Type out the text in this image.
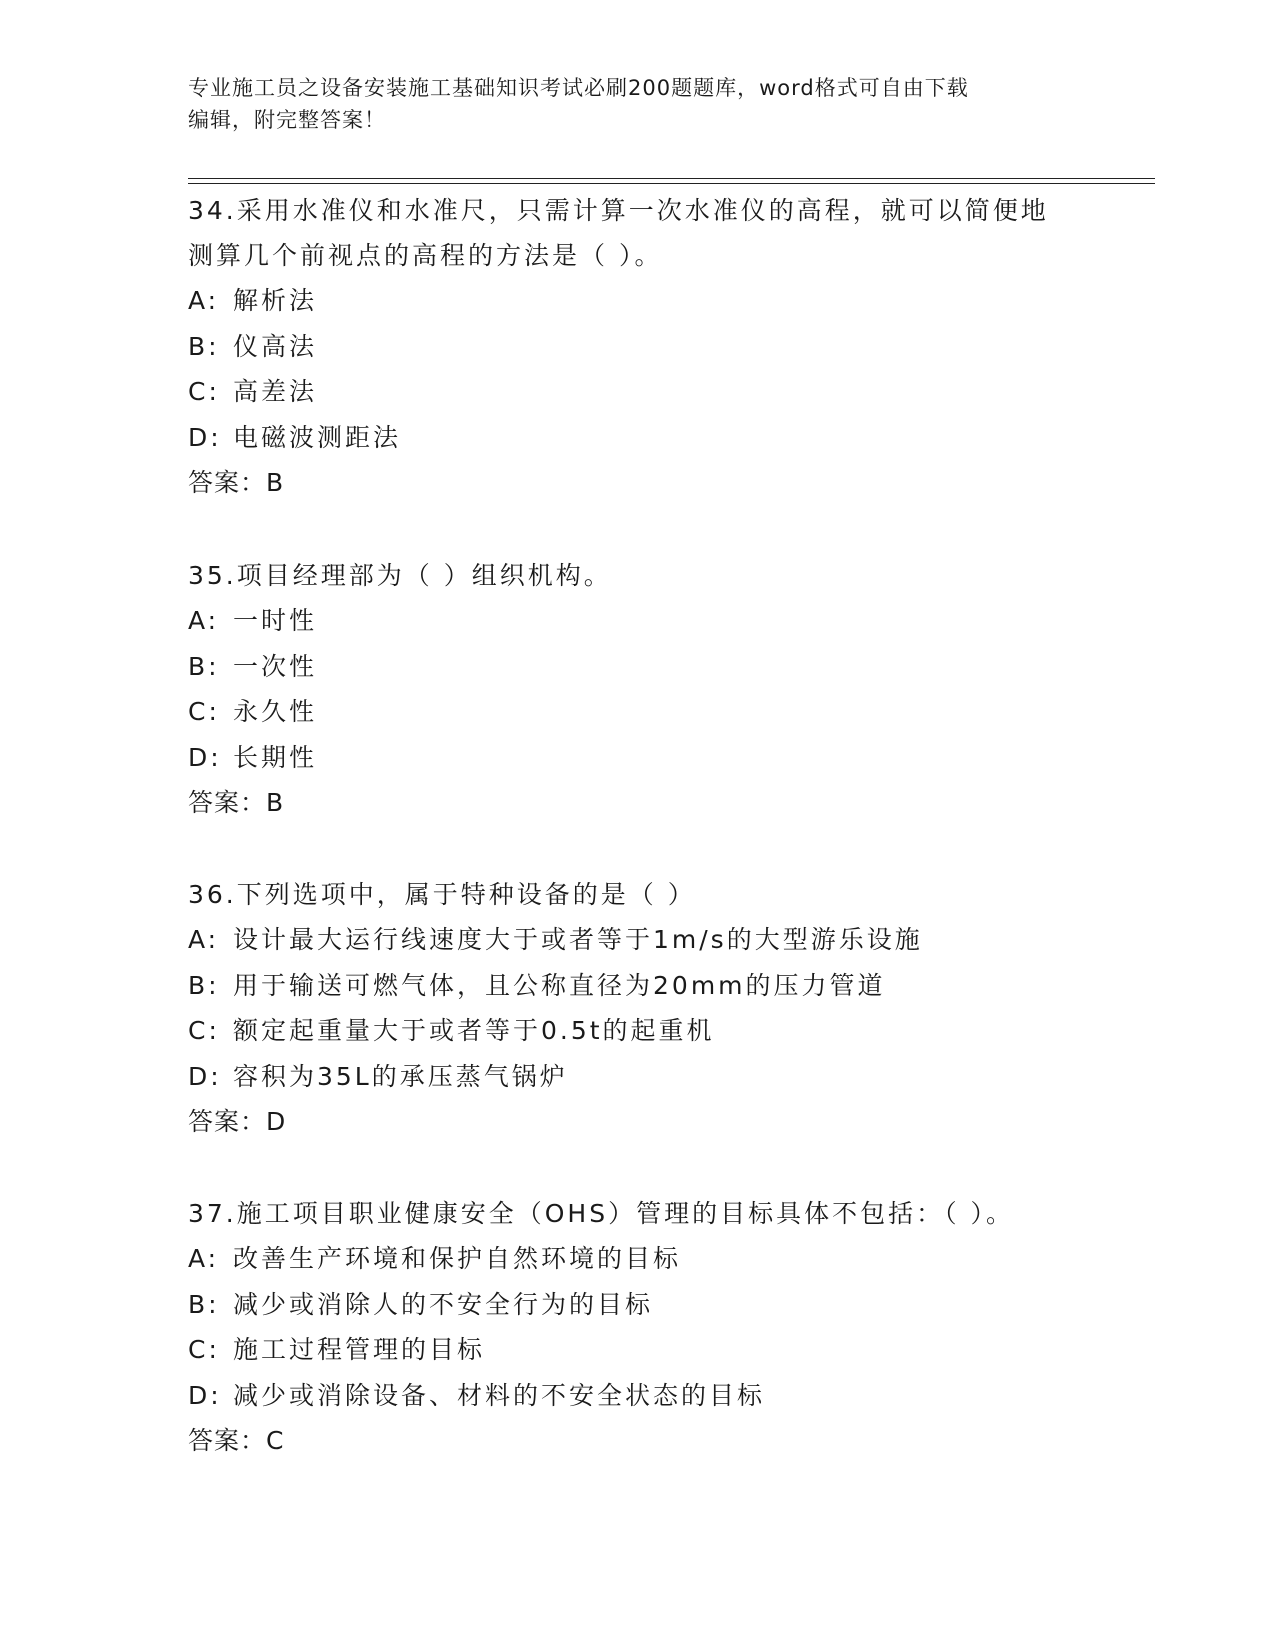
专业施工员之设备安装施工基础知识考试必刷200题题库，word格式可自由下载
编辑，附完整答案！

34.采用水准仪和水准尺，只需计算一次水准仪的高程，就可以简便地

测算几个前视点的高程的方法是（ ）。

A: 解析法

B: 仪高法

C: 高差法

D: 电磁波测距法

答案：B

35.项目经理部为（ ）组织机构。

A: 一时性

B: 一次性

C: 永久性

D: 长期性

答案：B

36.下列选项中，属于特种设备的是（ ）

A: 设计最大运行线速度大于或者等于1m/s的大型游乐设施

B: 用于输送可燃气体，且公称直径为20mm的压力管道

C: 额定起重量大于或者等于0.5t的起重机

D: 容积为35L的承压蒸气锅炉

答案：D

37.施工项目职业健康安全（OHS）管理的目标具体不包括：（ ）。

A: 改善生产环境和保护自然环境的目标

B: 减少或消除人的不安全行为的目标

C: 施工过程管理的目标

D: 减少或消除设备、材料的不安全状态的目标

答案：C
